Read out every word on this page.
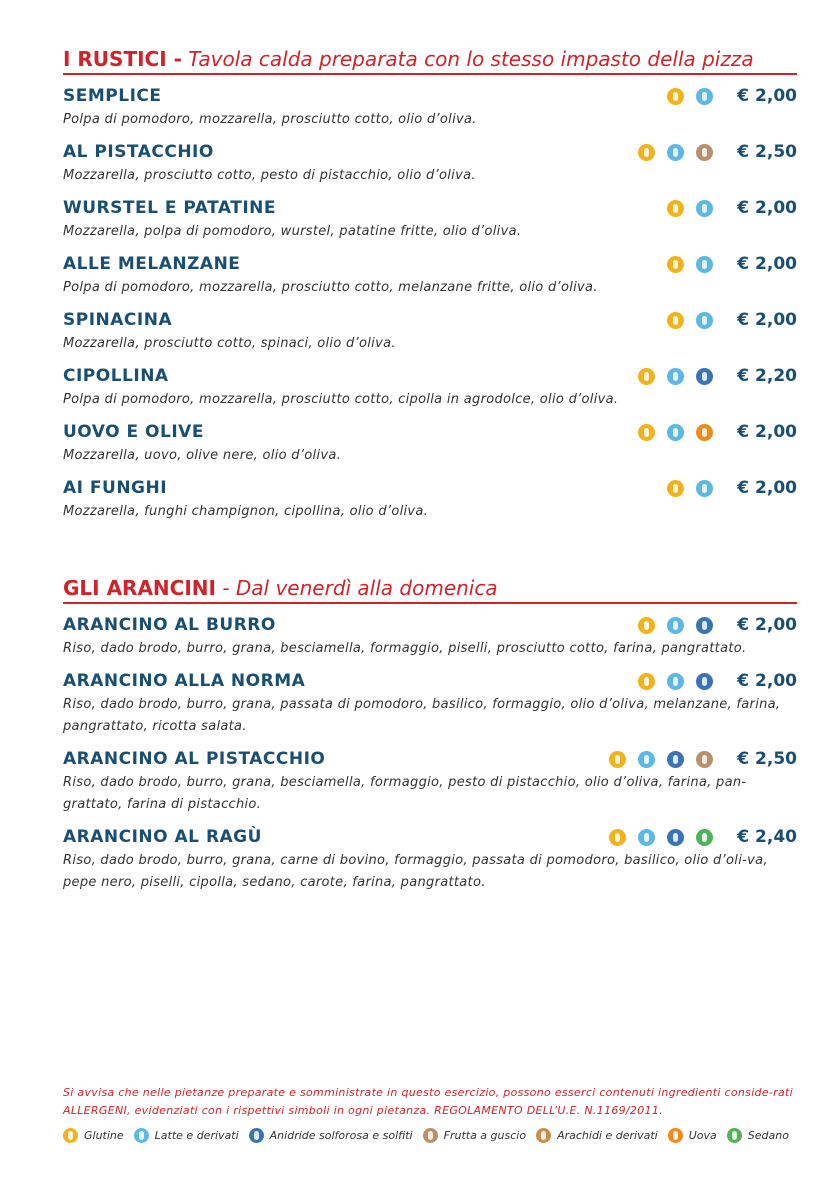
I RUSTICI - Tavola calda preparata con lo stesso impasto della pizza
SEMPLICE	€ 2,00
Polpa di pomodoro, mozzarella, prosciutto cotto, olio d’oliva.
AL PISTACCHIO	€ 2,50
Mozzarella, prosciutto cotto, pesto di pistacchio, olio d’oliva.
WURSTEL E PATATINE	€ 2,00
Mozzarella, polpa di pomodoro, wurstel, patatine fritte, olio d’oliva.
ALLE MELANZANE	€ 2,00
Polpa di pomodoro, mozzarella, prosciutto cotto, melanzane fritte, olio d’oliva.
SPINACINA	€ 2,00
Mozzarella, prosciutto cotto, spinaci, olio d’oliva.
CIPOLLINA	€ 2,20
Polpa di pomodoro, mozzarella, prosciutto cotto, cipolla in agrodolce, olio d’oliva.
UOVO E OLIVE	€ 2,00
Mozzarella, uovo, olive nere, olio d’oliva.
AI FUNGHI	€ 2,00
Mozzarella, funghi champignon, cipollina, olio d’oliva.
GLI ARANCINI - Dal venerdì alla domenica
ARANCINO AL BURRO	€ 2,00
Riso, dado brodo, burro, grana, besciamella, formaggio, piselli, prosciutto cotto, farina, pangrattato.
ARANCINO ALLA NORMA	€ 2,00
Riso, dado brodo, burro, grana, passata di pomodoro, basilico, formaggio, olio d’oliva, melanzane, farina, pangrattato, ricotta salata.
ARANCINO AL PISTACCHIO	€ 2,50
Riso, dado brodo, burro, grana, besciamella, formaggio, pesto di pistacchio, olio d’oliva, farina, pan-grattato, farina di pistacchio.
ARANCINO AL RAGÙ	€ 2,40
Riso, dado brodo, burro, grana, carne di bovino, formaggio, passata di pomodoro, basilico, olio d’oli-va, pepe nero, piselli, cipolla, sedano, carote, farina, pangrattato.
Si avvisa che nelle pietanze preparate e somministrate in questo esercizio, possono esserci contenuti ingredienti conside-rati ALLERGENI, evidenziati con i rispettivi simboli in ogni pietanza. REGOLAMENTO DELL’U.E. N.1169/2011.
Glutine	Latte e derivati	Anidride solforosa e solfiti	Frutta a guscio	Arachidi e derivati	Uova	Sedano
